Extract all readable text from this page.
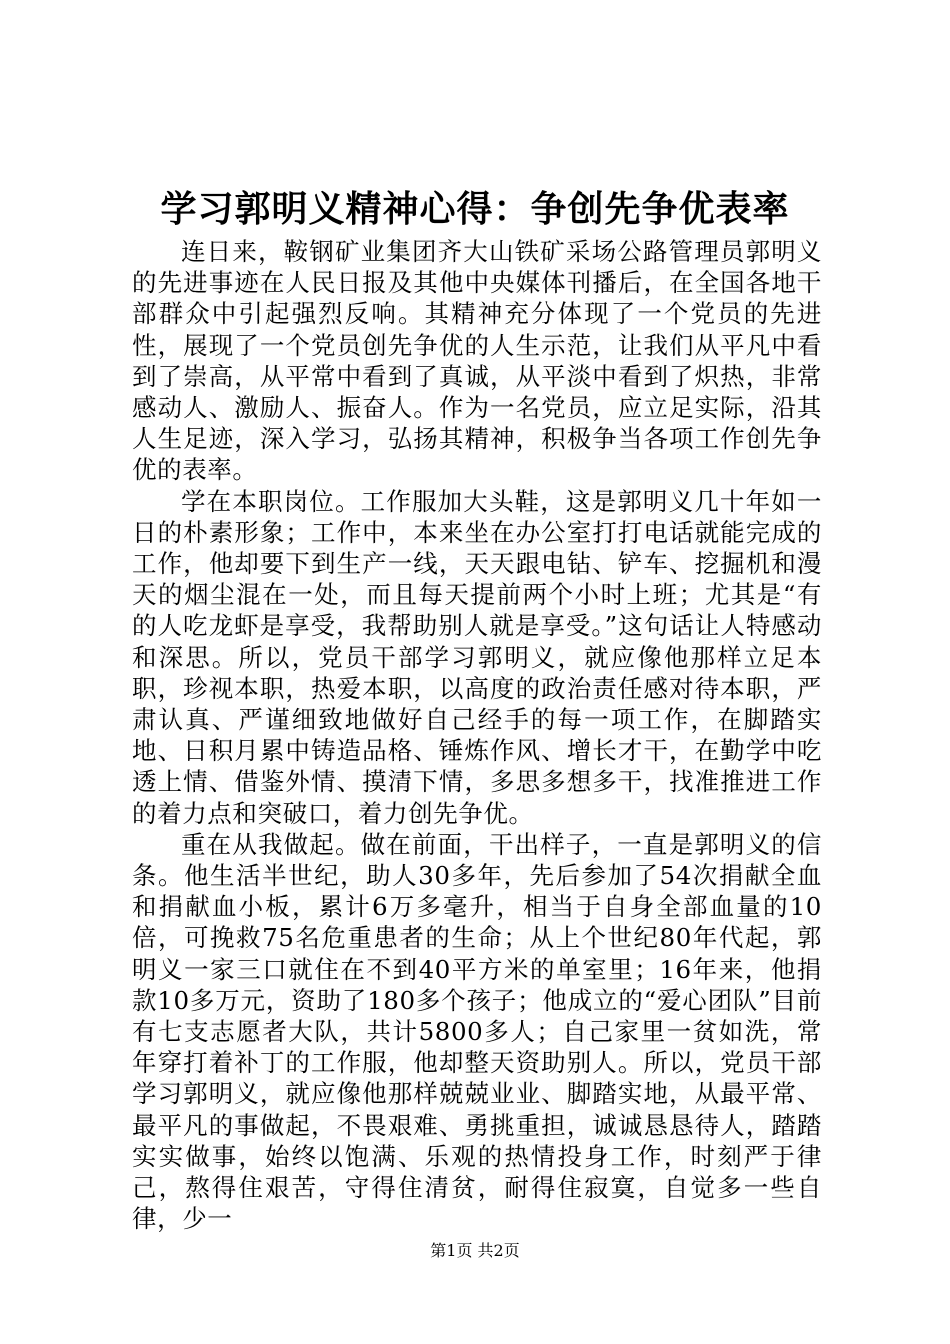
学习郭明义精神心得：争创先争优表率

连日来，鞍钢矿业集团齐大山铁矿采场公路管理员郭明义的先进事迹在人民日报及其他中央媒体刊播后，在全国各地干部群众中引起强烈反响。其精神充分体现了一个党员的先进性，展现了一个党员创先争优的人生示范，让我们从平凡中看到了崇高，从平常中看到了真诚，从平淡中看到了炽热，非常感动人、激励人、振奋人。作为一名党员，应立足实际，沿其人生足迹，深入学习，弘扬其精神，积极争当各项工作创先争优的表率。

学在本职岗位。工作服加大头鞋，这是郭明义几十年如一日的朴素形象；工作中，本来坐在办公室打打电话就能完成的工作，他却要下到生产一线，天天跟电钻、铲车、挖掘机和漫天的烟尘混在一处，而且每天提前两个小时上班；尤其是“有的人吃龙虾是享受，我帮助别人就是享受。”这句话让人特感动和深思。所以，党员干部学习郭明义，就应像他那样立足本职，珍视本职，热爱本职，以高度的政治责任感对待本职，严肃认真、严谨细致地做好自己经手的每一项工作，在脚踏实地、日积月累中铸造品格、锤炼作风、增长才干，在勤学中吃透上情、借鉴外情、摸清下情，多思多想多干，找准推进工作的着力点和突破口，着力创先争优。

重在从我做起。做在前面，干出样子，一直是郭明义的信条。他生活半世纪，助人30多年，先后参加了54次捐献全血和捐献血小板，累计6万多毫升，相当于自身全部血量的10倍，可挽救75名危重患者的生命；从上个世纪80年代起，郭明义一家三口就住在不到40平方米的单室里；16年来，他捐款10多万元，资助了180多个孩子；他成立的“爱心团队”目前有七支志愿者大队，共计5800多人；自己家里一贫如洗，常年穿打着补丁的工作服，他却整天资助别人。所以，党员干部学习郭明义，就应像他那样兢兢业业、脚踏实地，从最平常、最平凡的事做起，不畏艰难、勇挑重担，诚诚恳恳待人，踏踏实实做事，始终以饱满、乐观的热情投身工作，时刻严于律己，熬得住艰苦，守得住清贫，耐得住寂寞，自觉多一些自律，少一

第1页 共2页
